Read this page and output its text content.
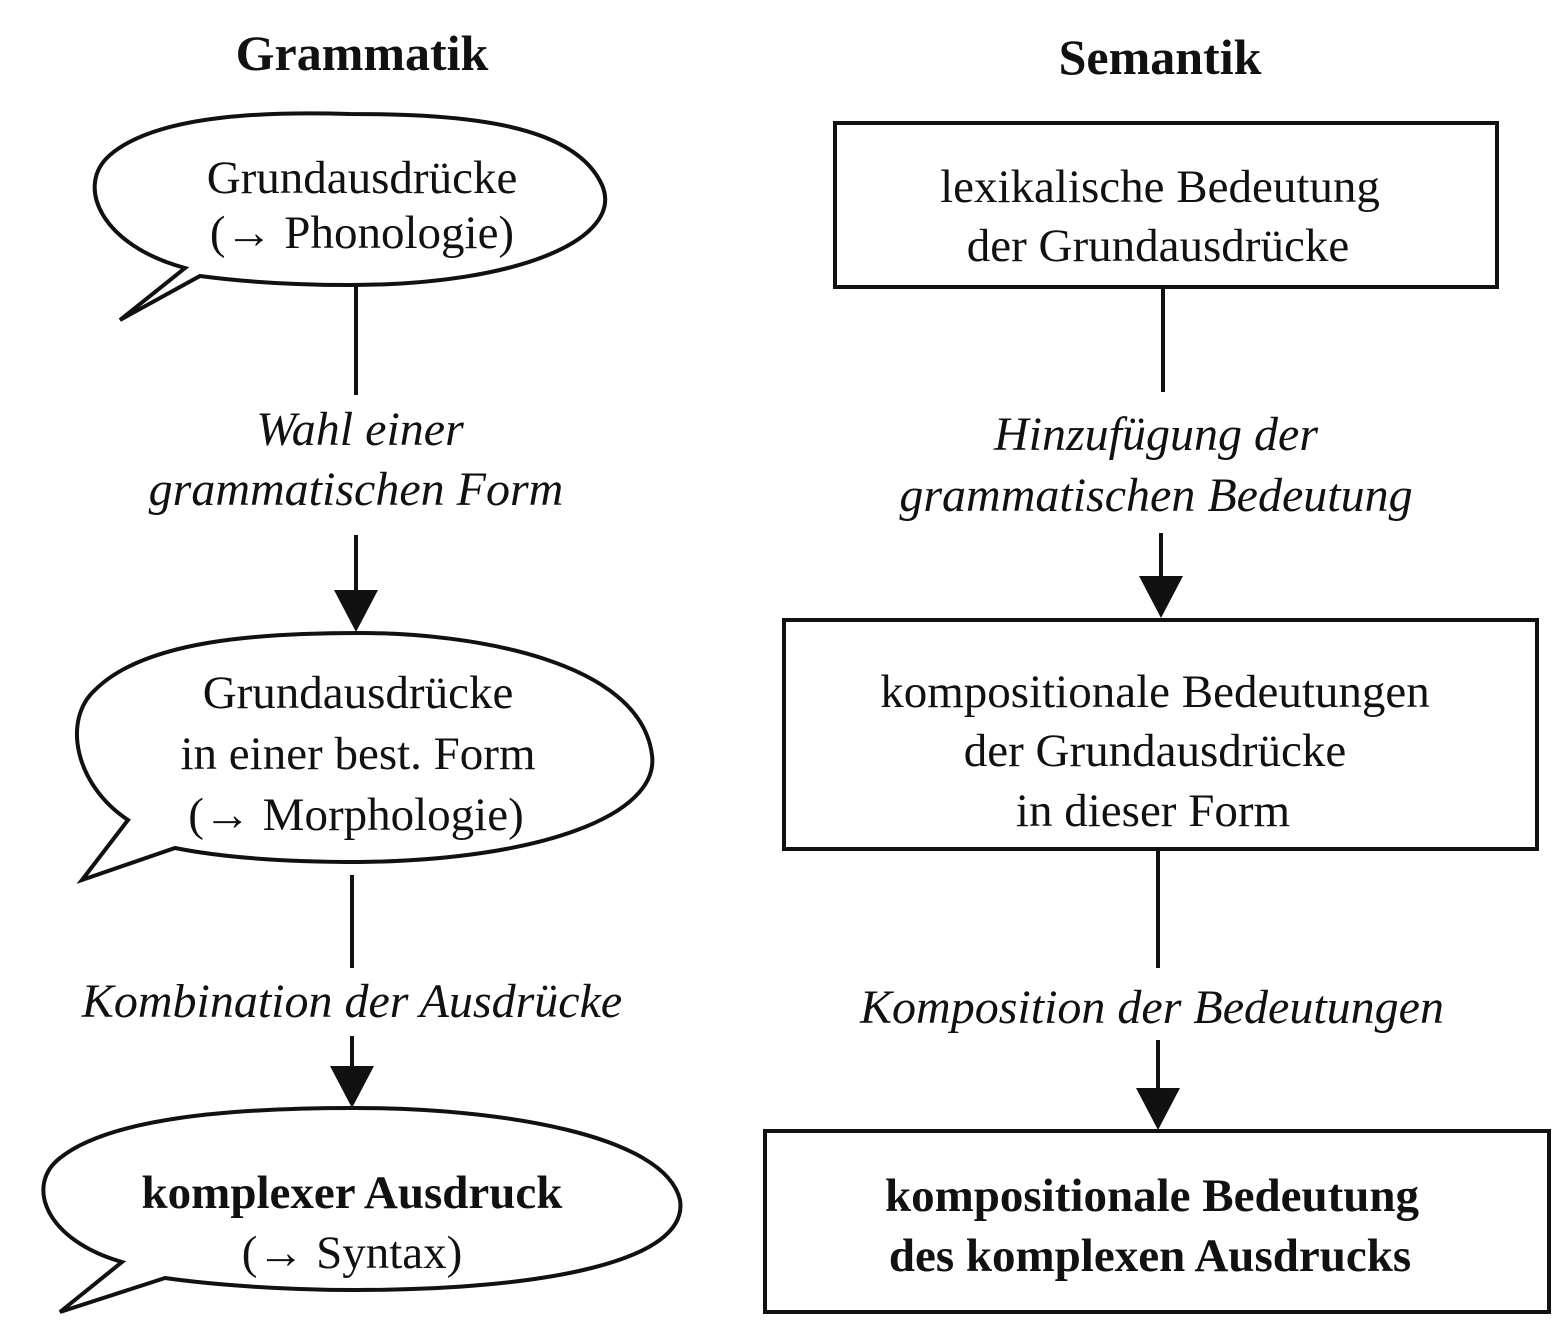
Grammatik	Semantik
Grundausdrücke
(→ Phonologie)
Wahl einer
grammatischen Form
Grundausdrücke
in einer best. Form
(→ Morphologie)
Kombination der Ausdrücke
komplexer Ausdruck
(→ Syntax)
lexikalische Bedeutung
der Grundausdrücke
Hinzufügung der
grammatischen Bedeutung
kompositionale Bedeutungen
der Grundausdrücke
in dieser Form
Komposition der Bedeutungen
kompositionale Bedeutung
des komplexen Ausdrucks
